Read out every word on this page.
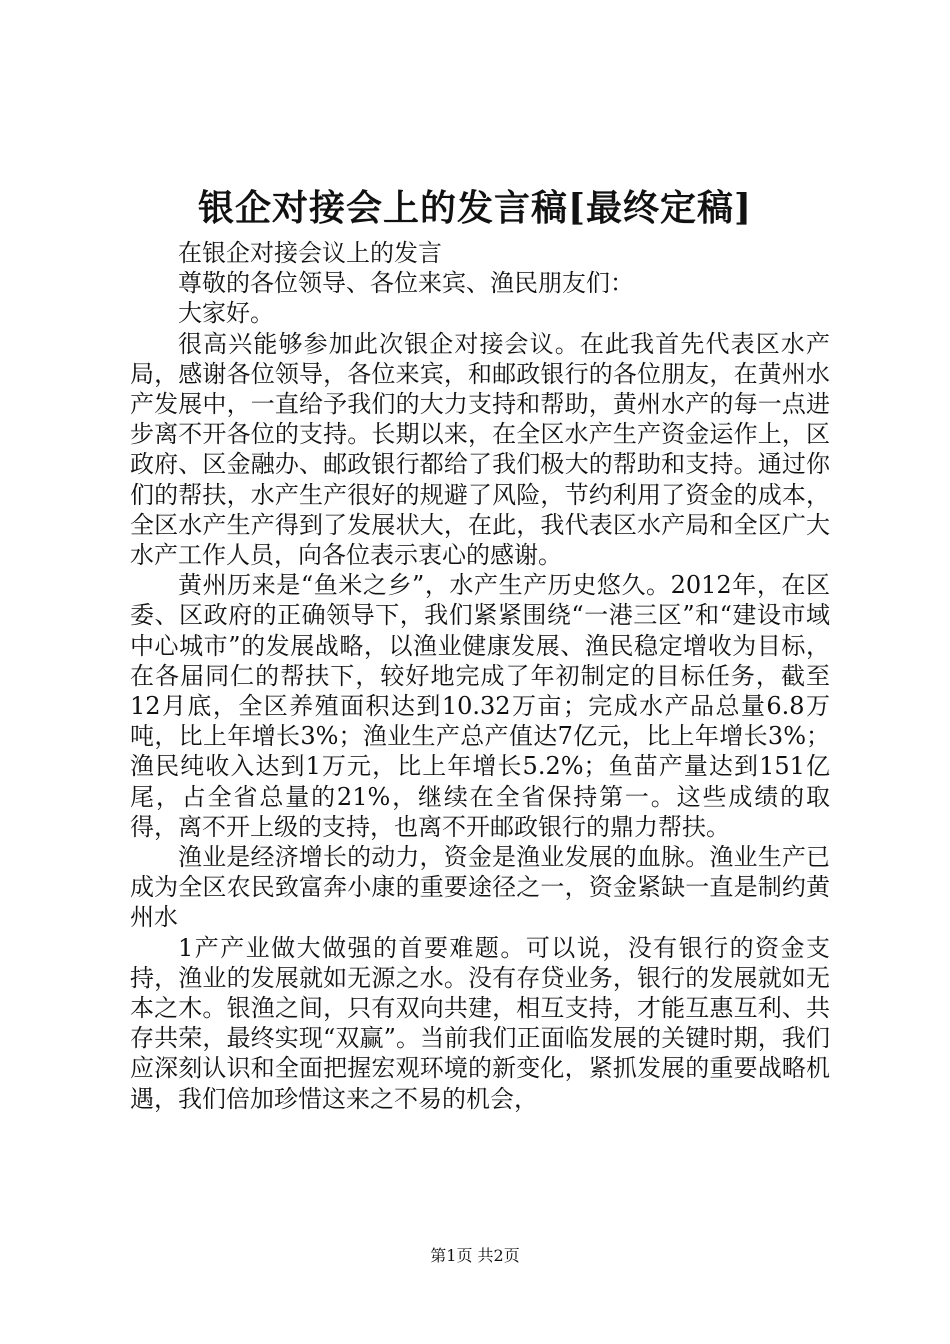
银企对接会上的发言稿[最终定稿]

在银企对接会议上的发言

尊敬的各位领导、各位来宾、渔民朋友们：

大家好。

很高兴能够参加此次银企对接会议。在此我首先代表区水产局，感谢各位领导，各位来宾，和邮政银行的各位朋友，在黄州水产发展中，一直给予我们的大力支持和帮助，黄州水产的每一点进步离不开各位的支持。长期以来，在全区水产生产资金运作上，区政府、区金融办、邮政银行都给了我们极大的帮助和支持。通过你们的帮扶，水产生产很好的规避了风险，节约利用了资金的成本，全区水产生产得到了发展状大，在此，我代表区水产局和全区广大水产工作人员，向各位表示衷心的感谢。

黄州历来是“鱼米之乡”，水产生产历史悠久。2012年，在区委、区政府的正确领导下，我们紧紧围绕“一港三区”和“建设市域中心城市”的发展战略，以渔业健康发展、渔民稳定增收为目标，在各届同仁的帮扶下，较好地完成了年初制定的目标任务，截至12月底，全区养殖面积达到10.32万亩；完成水产品总量6.8万吨，比上年增长3%；渔业生产总产值达7亿元，比上年增长3%；渔民纯收入达到1万元，比上年增长5.2%；鱼苗产量达到151亿尾，占全省总量的21%，继续在全省保持第一。这些成绩的取得，离不开上级的支持，也离不开邮政银行的鼎力帮扶。

渔业是经济增长的动力，资金是渔业发展的血脉。渔业生产已成为全区农民致富奔小康的重要途径之一，资金紧缺一直是制约黄州水

1产产业做大做强的首要难题。可以说，没有银行的资金支持，渔业的发展就如无源之水。没有存贷业务，银行的发展就如无本之木。银渔之间，只有双向共建，相互支持，才能互惠互利、共存共荣，最终实现“双赢”。当前我们正面临发展的关键时期，我们应深刻认识和全面把握宏观环境的新变化，紧抓发展的重要战略机遇，我们倍加珍惜这来之不易的机会，

第1页 共2页
